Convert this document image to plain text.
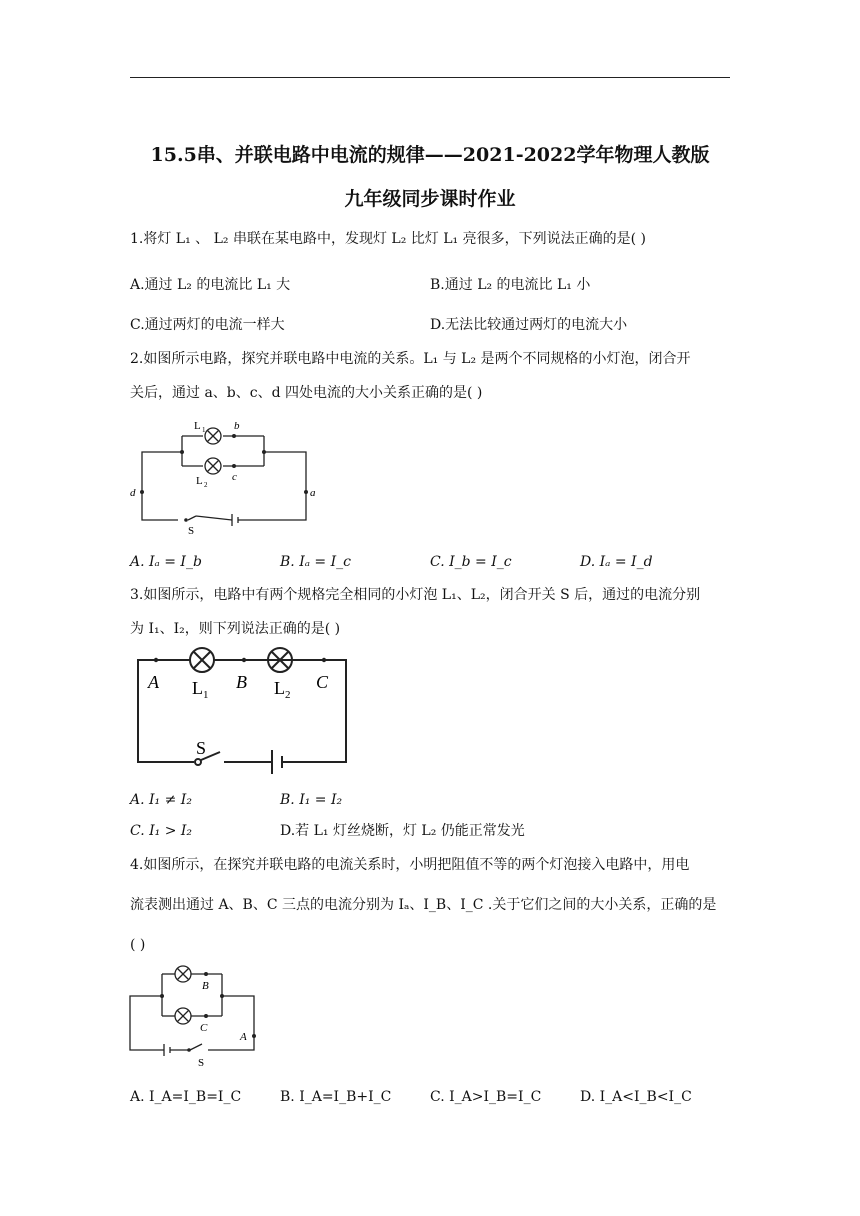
15.5串、并联电路中电流的规律——2021-2022学年物理人教版
九年级同步课时作业
1.将灯 L₁ 、 L₂ 串联在某电路中，发现灯 L₂ 比灯 L₁ 亮很多，下列说法正确的是( )
A.通过 L₂ 的电流比 L₁ 大	B.通过 L₂ 的电流比 L₁ 小
C.通过两灯的电流一样大	D.无法比较通过两灯的电流大小
2.如图所示电路，探究并联电路中电流的关系。L₁ 与 L₂ 是两个不同规格的小灯泡，闭合开
关后，通过 a、b、c、d 四处电流的大小关系正确的是( )
L 1
L 2
b
c
d	a
S
A. Iₐ = I_b	B. Iₐ = I_c	C. I_b = I_c	D. Iₐ = I_d
3.如图所示，电路中有两个规格完全相同的小灯泡 L₁、L₂，闭合开关 S 后，通过的电流分别
为 I₁、I₂，则下列说法正确的是( )
A L 1
B L 2
C
S
A. I₁ ≠ I₂	B. I₁ = I₂
C. I₁ > I₂	D.若 L₁ 灯丝烧断，灯 L₂ 仍能正常发光
4.如图所示，在探究并联电路的电流关系时，小明把阻值不等的两个灯泡接入电路中，用电
流表测出通过 A、B、C 三点的电流分别为 Iₐ、I_B、I_C .关于它们之间的大小关系，正确的是
( )
B
C
A
S
A. I_A=I_B=I_C	B. I_A=I_B+I_C	C. I_A>I_B=I_C	D. I_A<I_B<I_C
